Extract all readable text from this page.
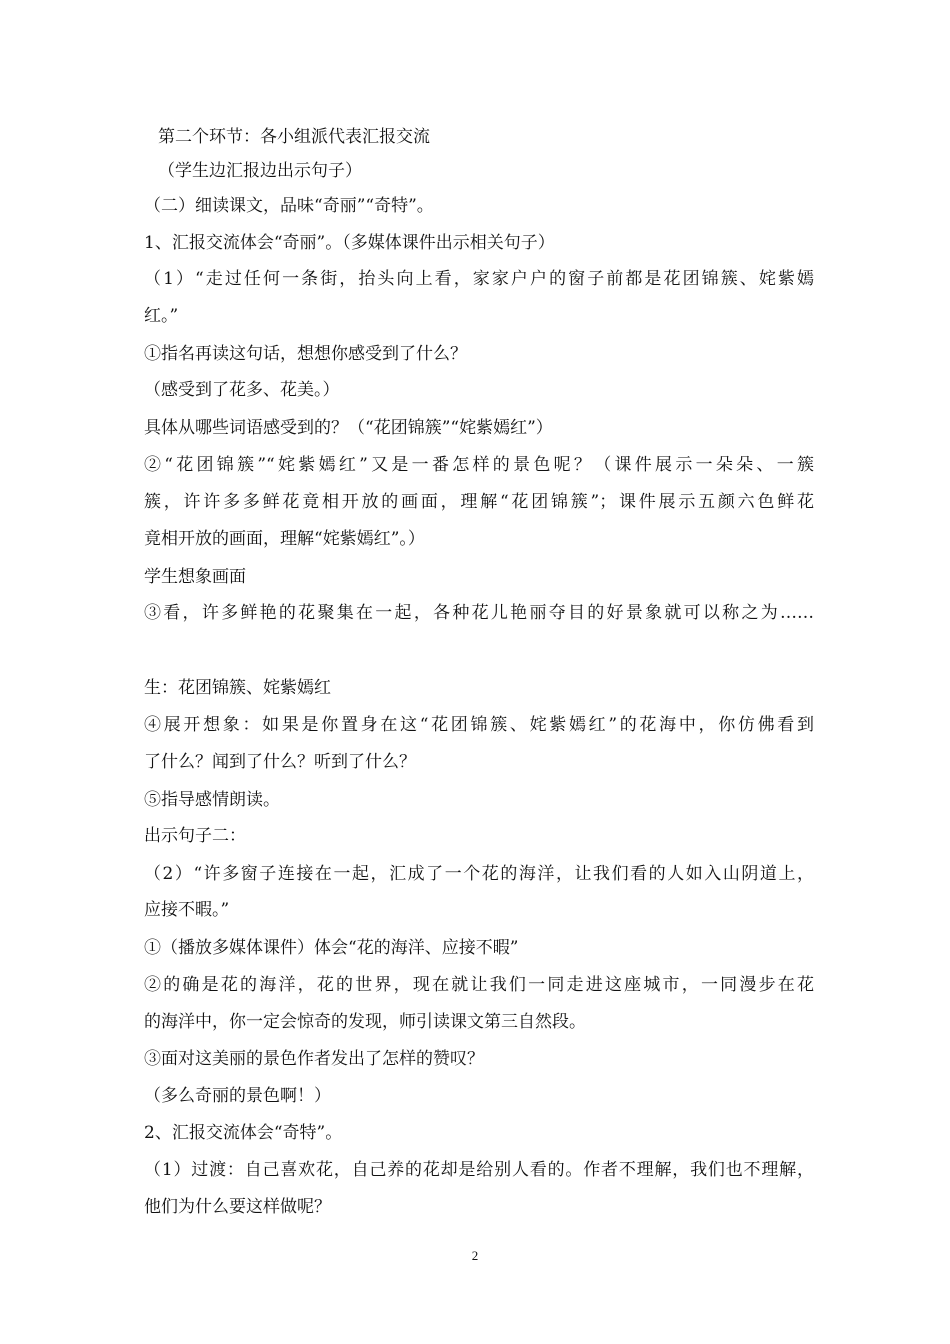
第二个环节：各小组派代表汇报交流
（学生边汇报边出示句子）
（二）细读课文，品味“奇丽”“奇特”。
1、汇报交流体会“奇丽”。（多媒体课件出示相关句子）
（1）“走过任何一条街，抬头向上看，家家户户的窗子前都是花团锦簇、姹紫嫣
红。”
①指名再读这句话，想想你感受到了什么？
（感受到了花多、花美。）
具体从哪些词语感受到的？（“花团锦簇”“姹紫嫣红”）
②“花团锦簇”“姹紫嫣红”又是一番怎样的景色呢？（课件展示一朵朵、一簇
簇，许许多多鲜花竟相开放的画面，理解“花团锦簇”；课件展示五颜六色鲜花
竟相开放的画面，理解“姹紫嫣红”。）
学生想象画面
③看，许多鲜艳的花聚集在一起，各种花儿艳丽夺目的好景象就可以称之为……
生：花团锦簇、姹紫嫣红
④展开想象：如果是你置身在这“花团锦簇、姹紫嫣红”的花海中，你仿佛看到
了什么？闻到了什么？听到了什么？
⑤指导感情朗读。
出示句子二：
（2）“许多窗子连接在一起，汇成了一个花的海洋，让我们看的人如入山阴道上，
应接不暇。”
①（播放多媒体课件）体会“花的海洋、应接不暇”
②的确是花的海洋，花的世界，现在就让我们一同走进这座城市，一同漫步在花
的海洋中，你一定会惊奇的发现，师引读课文第三自然段。
③面对这美丽的景色作者发出了怎样的赞叹？
（多么奇丽的景色啊！）
2、汇报交流体会“奇特”。
（1）过渡：自己喜欢花，自己养的花却是给别人看的。作者不理解，我们也不理解，
他们为什么要这样做呢？
2
